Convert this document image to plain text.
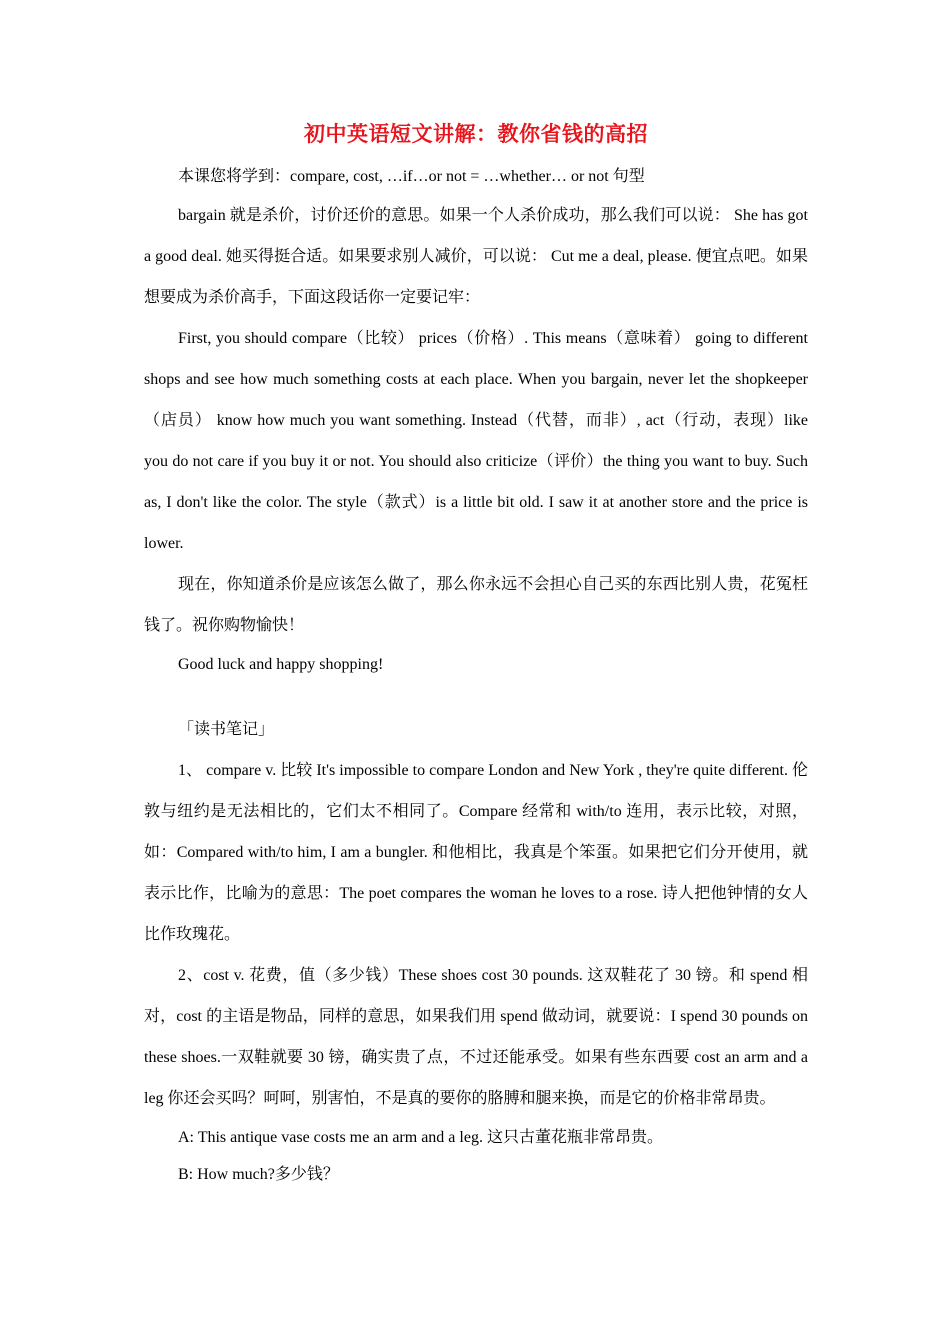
初中英语短文讲解：教你省钱的高招

本课您将学到：compare, cost, …if…or not = …whether… or not 句型

bargain 就是杀价，讨价还价的意思。如果一个人杀价成功，那么我们可以说： She has got a good deal. 她买得挺合适。如果要求别人减价，可以说： Cut me a deal, please. 便宜点吧。如果想要成为杀价高手，下面这段话你一定要记牢：

First, you should compare（比较） prices（价格）. This means（意味着） going to different shops and see how much something costs at each place. When you bargain, never let the shopkeeper（店员） know how much you want something. Instead（代替，而非）, act（行动，表现）like you do not care if you buy it or not. You should also criticize（评价）the thing you want to buy. Such as, I don't like the color. The style（款式）is a little bit old. I saw it at another store and the price is lower.

现在，你知道杀价是应该怎么做了，那么你永远不会担心自己买的东西比别人贵，花冤枉钱了。祝你购物愉快！

Good luck and happy shopping!

「读书笔记」

1、 compare v. 比较 It's impossible to compare London and New York , they're quite different. 伦敦与纽约是无法相比的，它们太不相同了。Compare 经常和 with/to 连用，表示比较，对照，如：Compared with/to him, I am a bungler. 和他相比，我真是个笨蛋。如果把它们分开使用，就表示比作，比喻为的意思：The poet compares the woman he loves to a rose. 诗人把他钟情的女人比作玫瑰花。

2、cost v. 花费，值（多少钱）These shoes cost 30 pounds. 这双鞋花了 30 镑。和 spend 相对，cost 的主语是物品，同样的意思，如果我们用 spend 做动词，就要说：I spend 30 pounds on these shoes.一双鞋就要 30 镑，确实贵了点，不过还能承受。如果有些东西要 cost an arm and a leg 你还会买吗？呵呵，别害怕，不是真的要你的胳膊和腿来换，而是它的价格非常昂贵。

A: This antique vase costs me an arm and a leg. 这只古董花瓶非常昂贵。

B: How much?多少钱？
